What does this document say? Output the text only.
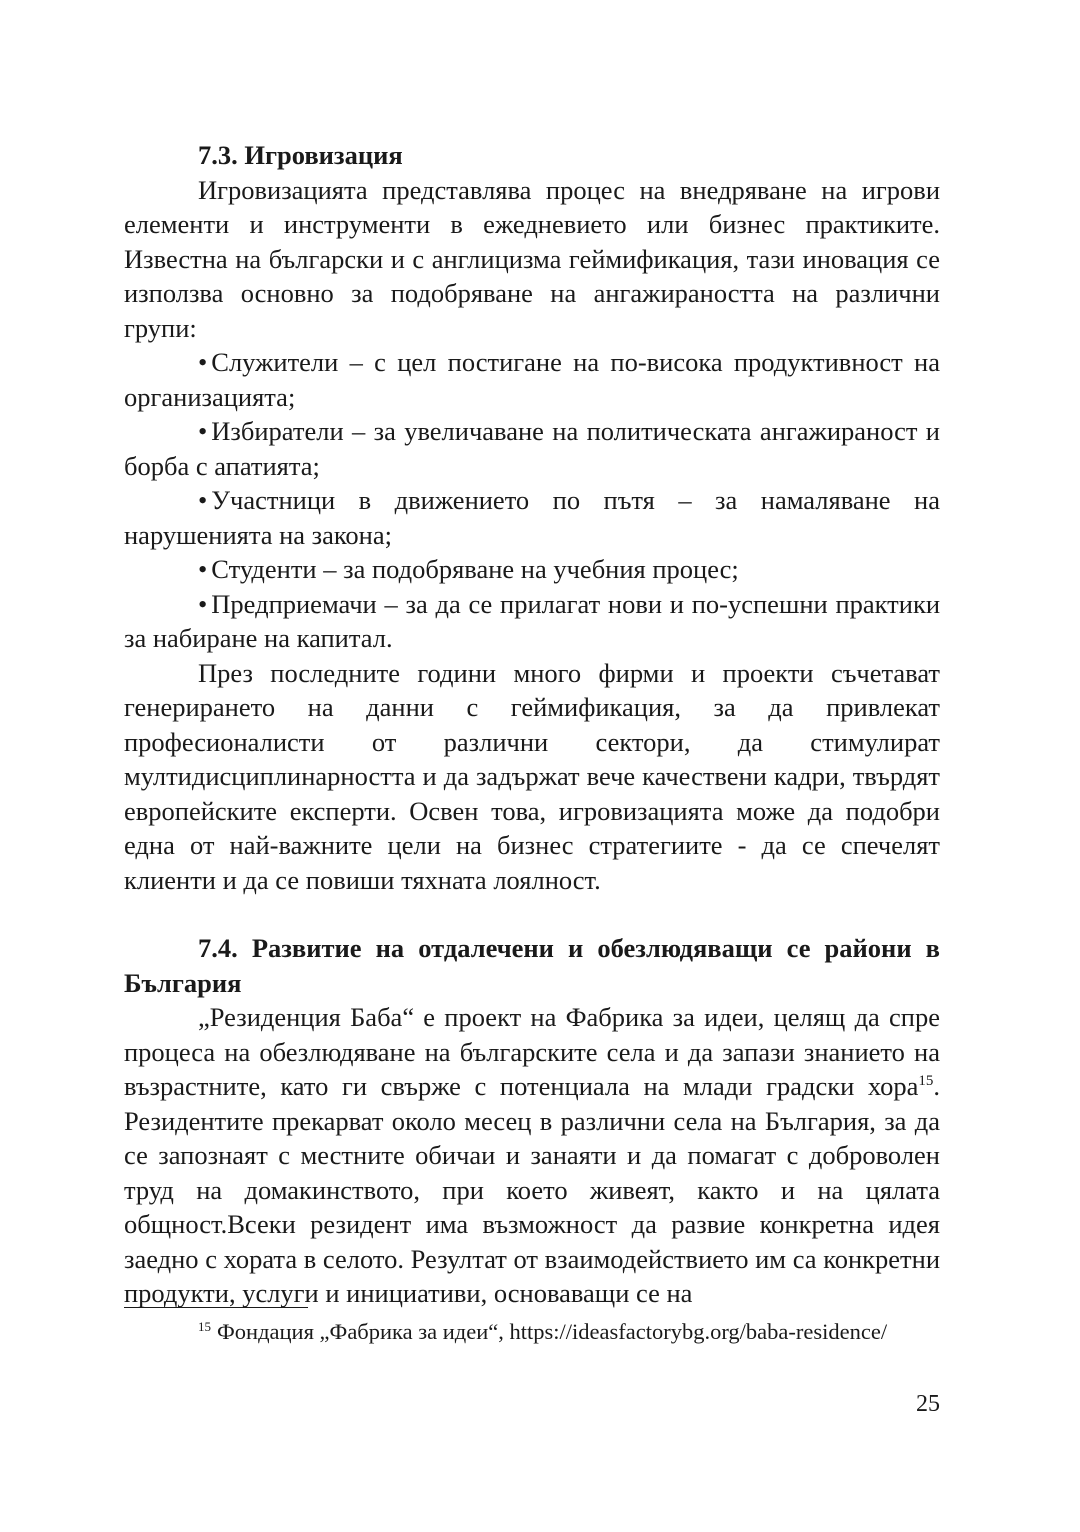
7.3. Игровизация

Игровизацията представлява процес на внедряване на игрови елементи и инструменти в ежедневието или бизнес практиките. Известна на български и с англицизма геймификация, тази иновация се използва основно за подобряване на ангажираността на различни групи:

• Служители – с цел постигане на по-висока продуктивност на организацията;

• Избиратели – за увеличаване на политическата ангажираност и борба с апатията;

• Участници в движението по пътя – за намаляване на нарушенията на закона;

• Студенти – за подобряване на учебния процес;

• Предприемачи – за да се прилагат нови и по-успешни практики за набиране на капитал.

През последните години много фирми и проекти съчетават генерирането на данни с геймификация, за да привлекат професионалисти от различни сектори, да стимулират мултидисциплинарността и да задържат вече качествени кадри, твърдят европейските експерти. Освен това, игровизацията може да подобри една от най-важните цели на бизнес стратегиите - да се спечелят клиенти и да се повиши тяхната лоялност.

7.4. Развитие на отдалечени и обезлюдяващи се райони в България

„Резиденция Баба“ е проект на Фабрика за идеи, целящ да спре процеса на обезлюдяване на българските села и да запази знанието на възрастните, като ги свърже с потенциала на млади градски хора$^{15}$. Резидентите прекарват около месец в различни села на България, за да се запознаят с местните обичаи и занаяти и да помагат с доброволен труд на домакинството, при което живеят, както и на цялата общност.Всеки резидент има възможност да развие конкретна идея заедно с хората в селото. Резултат от взаимодействието им са конкретни продукти, услуги и инициативи, основаващи се на

$^{15}$ Фондация „Фабрика за идеи“, https://ideasfactorybg.org/baba-residence/

25
